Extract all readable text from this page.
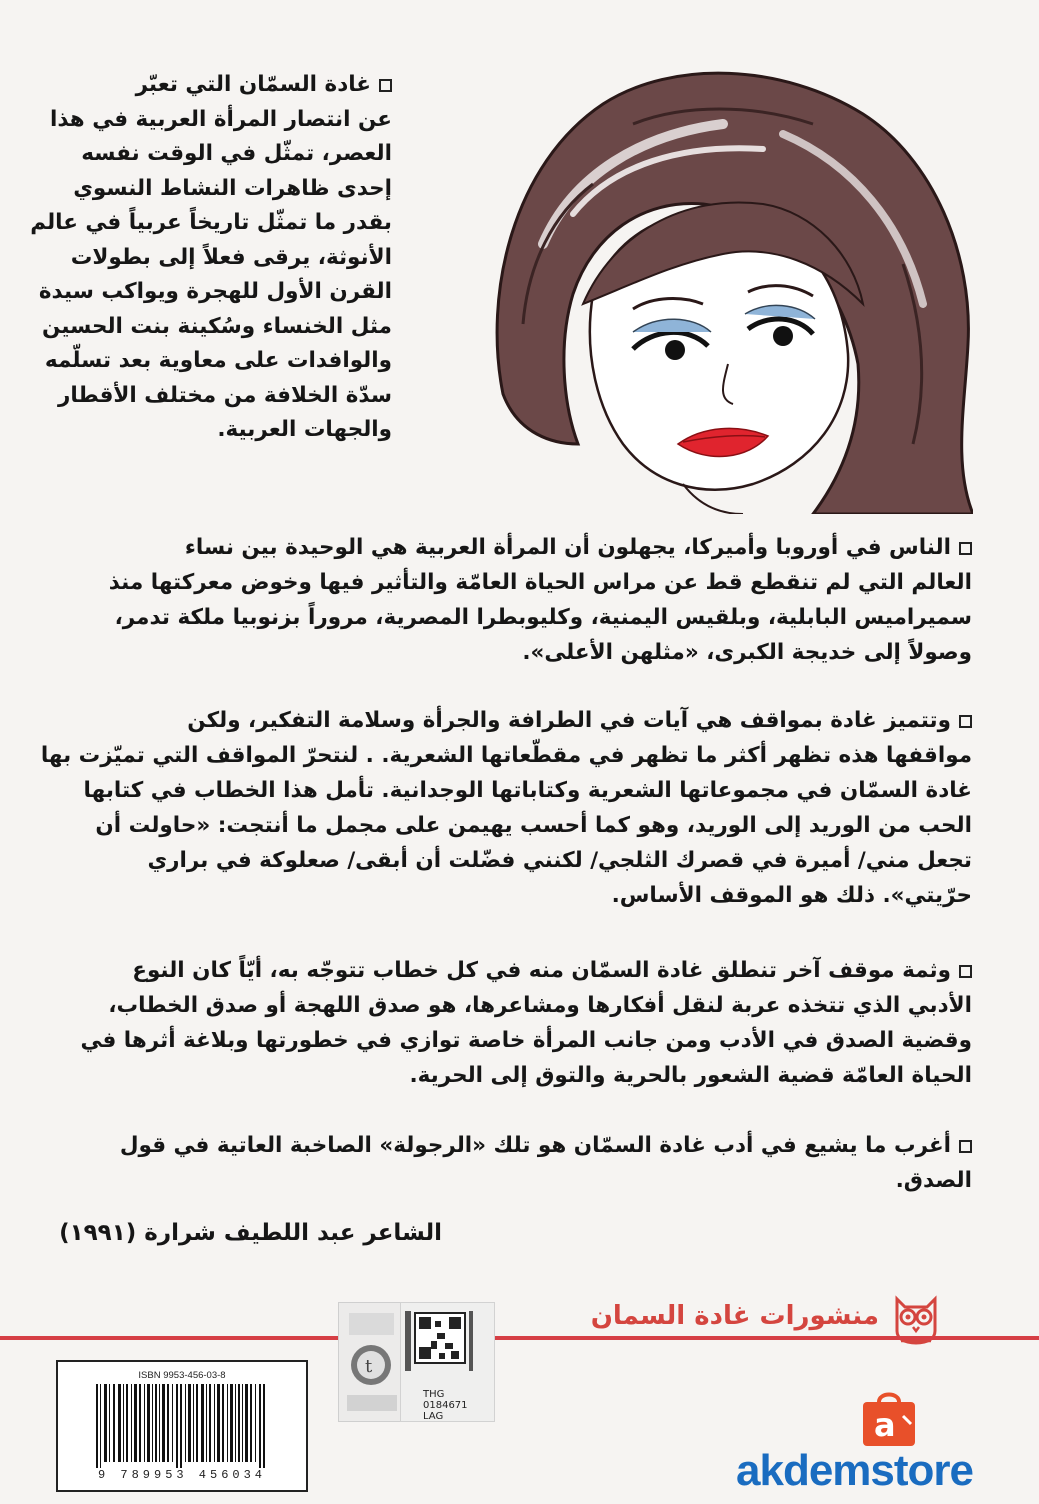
غادة السمّان التي تعبّر
عن انتصار المرأة العربية في هذا
العصر، تمثّل في الوقت نفسه
إحدى ظاهرات النشاط النسوي
بقدر ما تمثّل تاريخاً عربياً في عالم
الأنوثة، يرقى فعلاً إلى بطولات
القرن الأول للهجرة ويواكب سيدة
مثل الخنساء وسُكينة بنت الحسين
والوافدات على معاوية بعد تسلّمه
سدّة الخلافة من مختلف الأقطار
والجهات العربية.
الناس في أوروبا وأميركا، يجهلون أن المرأة العربية هي الوحيدة بين نساء
العالم التي لم تنقطع قط عن مراس الحياة العامّة والتأثير فيها وخوض معركتها منذ
سميراميس البابلية، وبلقيس اليمنية، وكليوبطرا المصرية، مروراً بزنوبيا ملكة تدمر،
وصولاً إلى خديجة الكبرى، «مثلهن الأعلى».
وتتميز غادة بمواقف هي آيات في الطرافة والجرأة وسلامة التفكير، ولكن
مواقفها هذه تظهر أكثر ما تظهر في مقطّعاتها الشعرية. . لنتحرّ المواقف التي تميّزت بها
غادة السمّان في مجموعاتها الشعرية وكتاباتها الوجدانية. تأمل هذا الخطاب في كتابها
الحب من الوريد إلى الوريد، وهو كما أحسب يهيمن على مجمل ما أنتجت: «حاولت أن
تجعل مني/ أميرة في قصرك الثلجي/ لكنني فضّلت أن أبقى/ صعلوكة في براري
حرّيتي». ذلك هو الموقف الأساس.
وثمة موقف آخر تنطلق غادة السمّان منه في كل خطاب تتوجّه به، أيّاً كان النوع
الأدبي الذي تتخذه عربة لنقل أفكارها ومشاعرها، هو صدق اللهجة أو صدق الخطاب،
وقضية الصدق في الأدب ومن جانب المرأة خاصة توازي في خطورتها وبلاغة أثرها في
الحياة العامّة قضية الشعور بالحرية والتوق إلى الحرية.
أغرب ما يشيع في أدب غادة السمّان هو تلك «الرجولة» الصاخبة العاتية في قول
الصدق.
الشاعر عبد اللطيف شرارة (١٩٩١)
منشورات غادة السمان
t
THG
0184671
LAG
ISBN 9953-456-03-8
9 789953 456034
a
akdemstore
